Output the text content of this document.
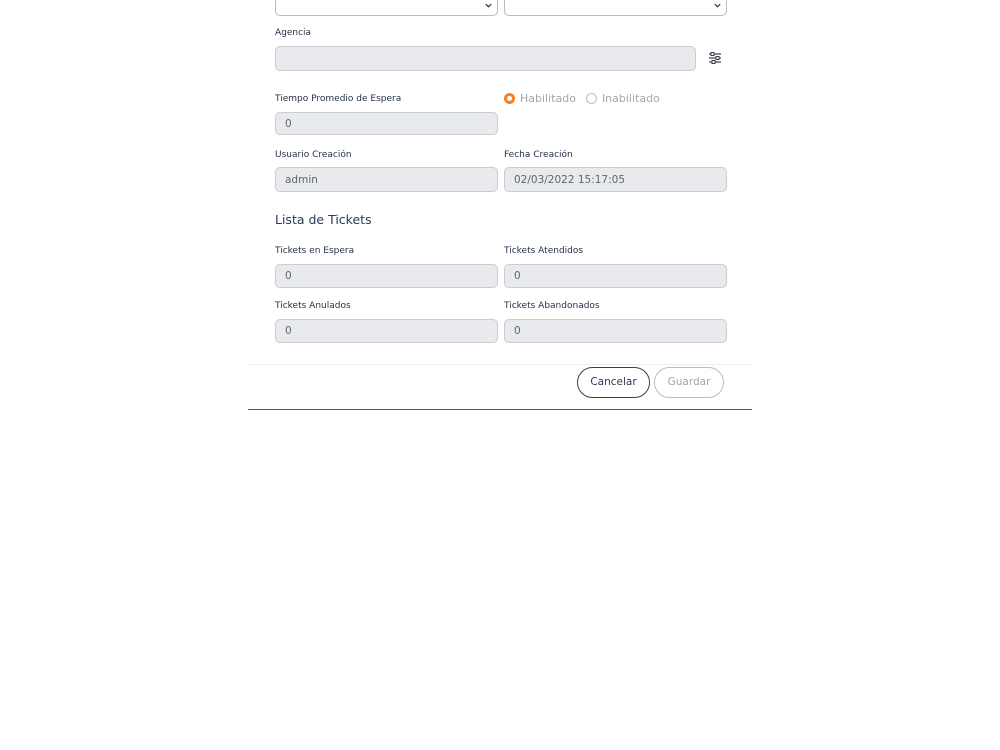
Agencia
Tiempo Promedio de Espera
0
Habilitado Inabilitado
Usuario Creación
admin
Fecha Creación
02/03/2022 15:17:05
Lista de Tickets
Tickets en Espera
0
Tickets Atendidos
0
Tickets Anulados
0
Tickets Abandonados
0
Cancelar	Guardar
